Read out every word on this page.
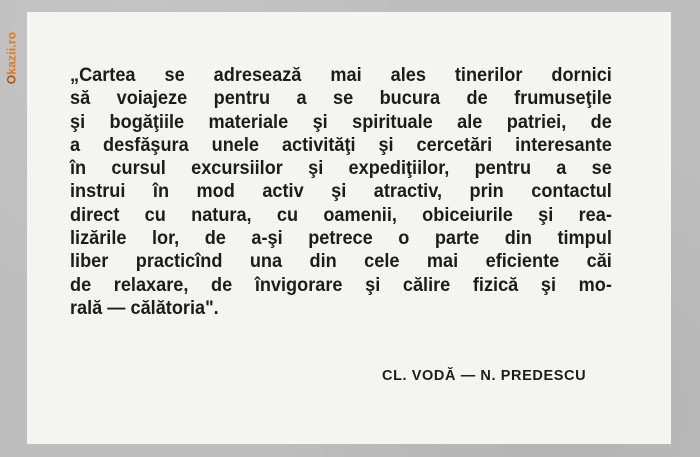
Okazii.ro

„Cartea se adresează mai ales tinerilor dornici
să voiajeze pentru a se bucura de frumuseţile
şi bogăţiile materiale şi spirituale ale patriei, de
a desfăşura unele activităţi şi cercetări interesante
în cursul excursiilor şi expediţiilor, pentru a se
instrui în mod activ şi atractiv, prin contactul
direct cu natura, cu oamenii, obiceiurile şi rea-
lizările lor, de a-şi petrece o parte din timpul
liber practicînd una din cele mai eficiente căi
de relaxare, de învigorare şi călire fizică şi mo-
rală — călătoria".

CL. VODĂ — N. PREDESCU
